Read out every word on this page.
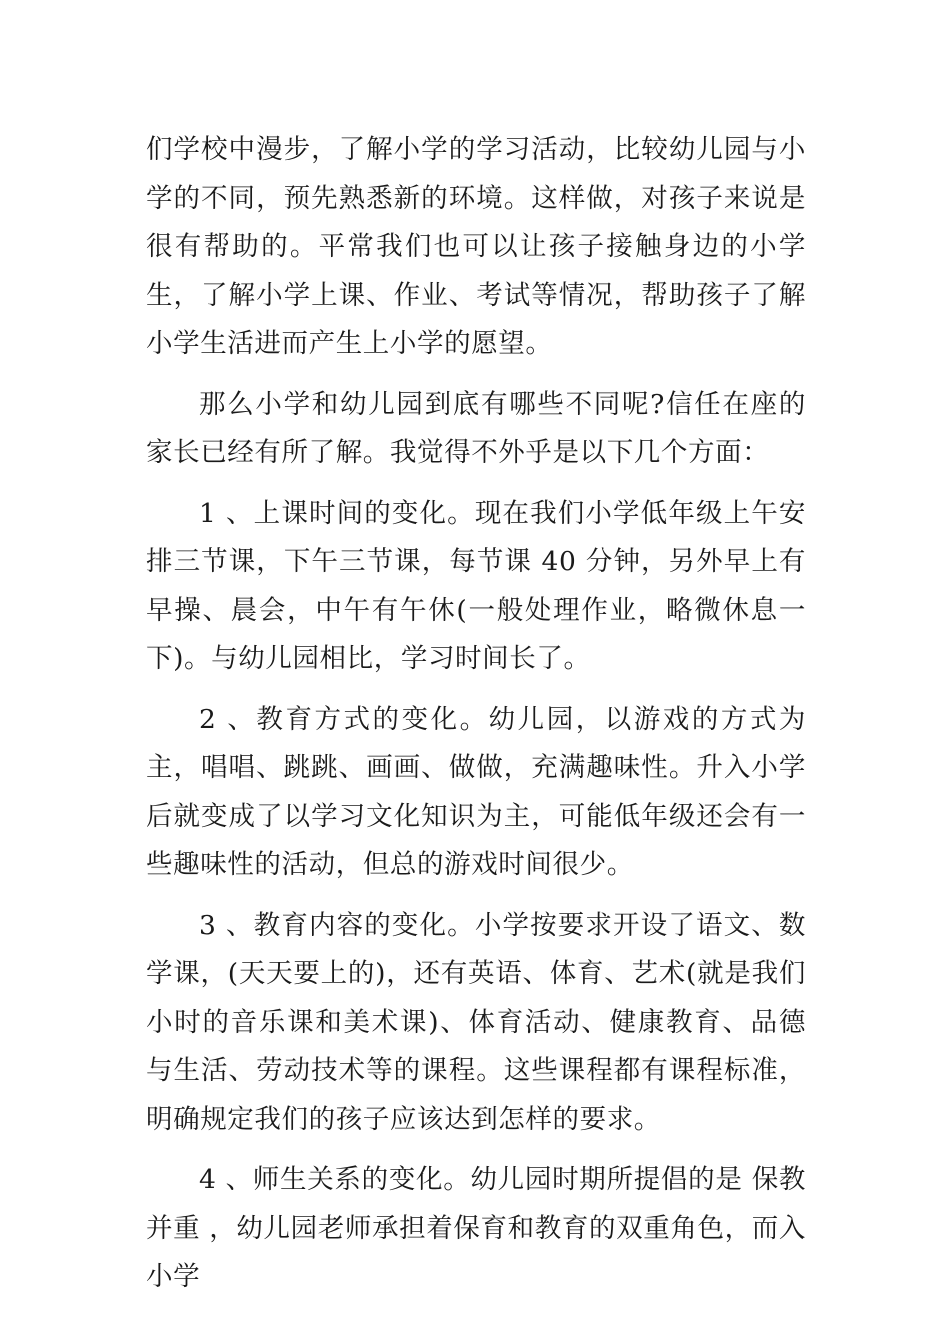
们学校中漫步，了解小学的学习活动，比较幼儿园与小学的不同，预先熟悉新的环境。这样做，对孩子来说是很有帮助的。平常我们也可以让孩子接触身边的小学生，了解小学上课、作业、考试等情况，帮助孩子了解小学生活进而产生上小学的愿望。

那么小学和幼儿园到底有哪些不同呢?信任在座的家长已经有所了解。我觉得不外乎是以下几个方面：

1 、上课时间的变化。现在我们小学低年级上午安排三节课，下午三节课，每节课 40 分钟，另外早上有早操、晨会，中午有午休(一般处理作业，略微休息一下)。与幼儿园相比，学习时间长了。

2 、教育方式的变化。幼儿园，以游戏的方式为主，唱唱、跳跳、画画、做做，充满趣味性。升入小学后就变成了以学习文化知识为主，可能低年级还会有一些趣味性的活动，但总的游戏时间很少。

3 、教育内容的变化。小学按要求开设了语文、数学课，(天天要上的)，还有英语、体育、艺术(就是我们小时的音乐课和美术课)、体育活动、健康教育、品德与生活、劳动技术等的课程。这些课程都有课程标准，明确规定我们的孩子应该达到怎样的要求。

4 、师生关系的变化。幼儿园时期所提倡的是 保教并重 ，幼儿园老师承担着保育和教育的双重角色，而入小学
